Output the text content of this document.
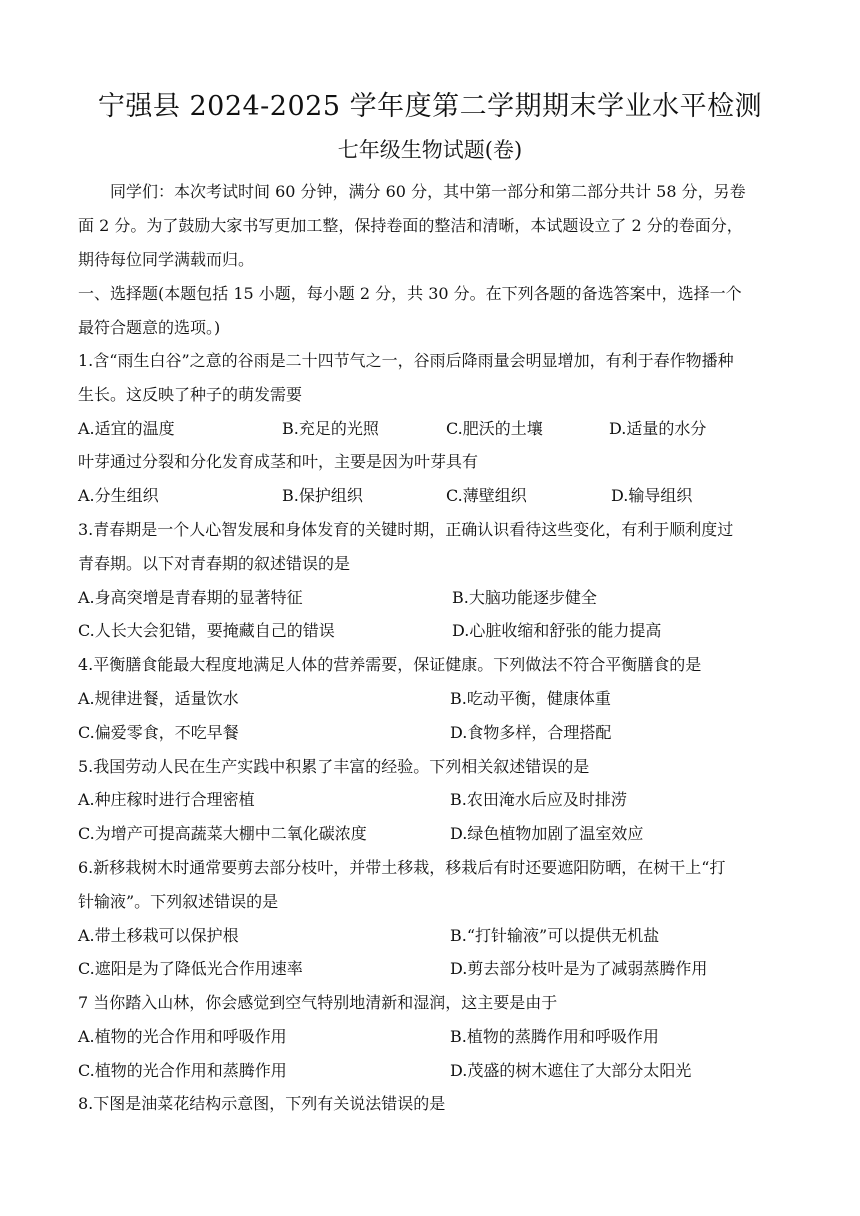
宁强县 2024-2025 学年度第二学期期末学业水平检测
七年级生物试题(卷)
同学们：本次考试时间 60 分钟，满分 60 分，其中第一部分和第二部分共计 58 分，另卷
面 2 分。为了鼓励大家书写更加工整，保持卷面的整洁和清晰，本试题设立了 2 分的卷面分，
期待每位同学满载而归。
一、选择题(本题包括 15 小题，每小题 2 分，共 30 分。在下列各题的备选答案中，选择一个
最符合题意的选项。)
1.含“雨生白谷”之意的谷雨是二十四节气之一，谷雨后降雨量会明显增加，有利于春作物播种
生长。这反映了种子的萌发需要
A.适宜的温度	B.充足的光照	C.肥沃的土壤	D.适量的水分
叶芽通过分裂和分化发育成茎和叶，主要是因为叶芽具有
A.分生组织	B.保护组织	C.薄壁组织	D.输导组织
3.青春期是一个人心智发展和身体发育的关键时期，正确认识看待这些变化，有利于顺利度过
青春期。以下对青春期的叙述错误的是
A.身高突增是青春期的显著特征	B.大脑功能逐步健全
C.人长大会犯错，要掩藏自己的错误	D.心脏收缩和舒张的能力提高
4.平衡膳食能最大程度地满足人体的营养需要，保证健康。下列做法不符合平衡膳食的是
A.规律进餐，适量饮水	B.吃动平衡，健康体重
C.偏爱零食，不吃早餐	D.食物多样，合理搭配
5.我国劳动人民在生产实践中积累了丰富的经验。下列相关叙述错误的是
A.种庄稼时进行合理密植	B.农田淹水后应及时排涝
C.为增产可提高蔬菜大棚中二氧化碳浓度	D.绿色植物加剧了温室效应
6.新移栽树木时通常要剪去部分枝叶，并带土移栽，移栽后有时还要遮阳防晒，在树干上“打
针输液”。下列叙述错误的是
A.带土移栽可以保护根	B.“打针输液”可以提供无机盐
C.遮阳是为了降低光合作用速率	D.剪去部分枝叶是为了减弱蒸腾作用
7 当你踏入山林，你会感觉到空气特别地清新和湿润，这主要是由于
A.植物的光合作用和呼吸作用	B.植物的蒸腾作用和呼吸作用
C.植物的光合作用和蒸腾作用	D.茂盛的树木遮住了大部分太阳光
8.下图是油菜花结构示意图，下列有关说法错误的是
